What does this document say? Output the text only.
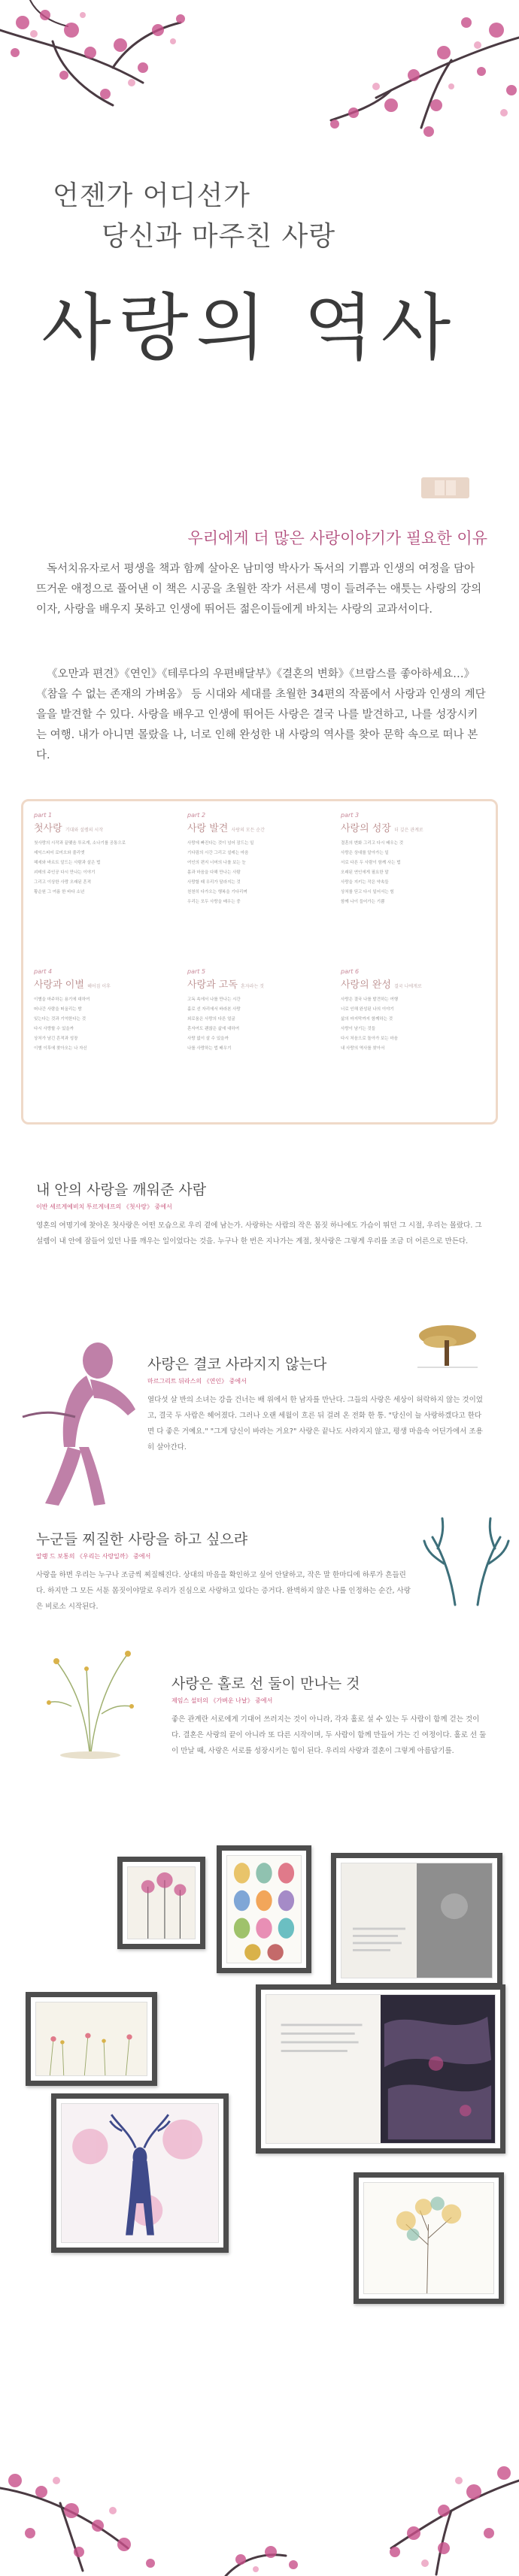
언젠가 어디선가
당신과 마주친 사랑
사랑의 역사
우리에게 더 많은 사랑이야기가 필요한 이유

독서치유자로서 평생을 책과 함께 살아온 남미영 박사가 독서의 기쁨과 인생의 여정을 담아 뜨거운 애정으로 풀어낸 이 책은 시공을 초월한 작가 서른세 명이 들려주는 애틋는 사랑의 강의이자, 사랑을 배우지 못하고 인생에 뛰어든 젊은이들에게 바치는 사랑의 교과서이다.

《오만과 편견》《연인》《테루다의 우편배달부》《결혼의 변화》《브람스를 좋아하세요…》《참을 수 없는 존재의 가벼움》 등 시대와 세대를 초월한 34편의 작품에서 사랑과 인생의 계단을을 발견할 수 있다. 사랑을 배우고 인생에 뛰어든 사랑은 결국 나를 발견하고, 나를 성장시키는 여행. 내가 아니면 몰랐을 나, 너로 인해 완성한 내 사랑의 역사를 찾아 문학 속으로 떠나 본다.

part 1
첫사랑 기대와 설렘의 시작
첫사랑의 시작과 끝맺음 투르게, 소나기를 공통으로
셰익스피어 로미오와 줄리엣
헤세와 바르트 알드는 사람과 살은 법
괴테의 주인공 다시 만나는 이야기
그리고 이상한 사랑 오래된 흔적
황순원 그 여름 한 바다 소년
part 2
사랑 발견 사랑의 모든 순간
사랑에 빠진다는 것이 넘어 잠드는 일
기다림의 시간 그리고 설레는 마음
여인의 편지 너머의 나를 보는 눈
몸과 마음을 다해 만나는 사람
사랑할 때 우리가 달라지는 것
천천히 다가오는 행복을 기다리며
우리는 모두 사랑을 배우는 중
part 3
사랑의 성장 더 깊은 관계로
결혼의 변화 그리고 다시 배우는 것
사랑은 상대를 알아가는 일
서로 다른 두 사람이 함께 사는 법
오래된 연인에게 필요한 말
사랑을 지키는 작은 약속들
상처를 딛고 다시 일어서는 힘
함께 나이 들어가는 기쁨
part 4
사랑과 이별 헤어짐 이후
이별을 마주하는 용기에 대하여
떠나간 사람을 떠올리는 밤
잊는다는 것과 기억한다는 것
다시 사랑할 수 있을까
상처가 남긴 흔적과 성장
이별 이후에 찾아오는 나 자신
part 5
사랑과 고독 혼자라는 것
고독 속에서 나를 만나는 시간
홀로 선 자리에서 바라본 사랑
외로움은 사랑의 다른 얼굴
혼자여도 괜찮은 삶에 대하여
사랑 없이 살 수 있을까
나를 사랑하는 법 배우기
part 6
사랑의 완성 결국 나에게로
사랑은 결국 나를 발견하는 여행
너로 인해 완성된 나의 이야기
삶의 마지막까지 함께하는 것
사랑이 남기는 것들
다시 처음으로 돌아가 보는 마음
내 사랑의 역사를 찾아서
내 안의 사랑을 깨워준 사람
이반 세르게예비치 투르게네프의 《첫사랑》 중에서

영혼의 여명기에 찾아온 첫사랑은 어떤 모습으로 우리 곁에 남는가. 사랑하는 사람의 작은 몸짓 하나에도 가슴이 뛰던 그 시절, 우리는 몰랐다. 그 설렘이 내 안에 잠들어 있던 나를 깨우는 일이었다는 것을. 누구나 한 번은 지나가는 계절, 첫사랑은 그렇게 우리를 조금 더 어른으로 만든다.

사랑은 결코 사라지지 않는다
마르그리트 뒤라스의 《연인》 중에서

열다섯 살 반의 소녀는 강을 건너는 배 위에서 한 남자를 만난다. 그들의 사랑은 세상이 허락하지 않는 것이었고, 결국 두 사람은 헤어졌다. 그러나 오랜 세월이 흐른 뒤 걸려 온 전화 한 통. "당신이 늘 사랑하겠다고 한다면 다 좋은 거예요." "그게 당신이 바라는 거요?" 사랑은 끝나도 사라지지 않고, 평생 마음속 어딘가에서 조용히 살아간다.

누군들 찌질한 사랑을 하고 싶으랴
알랭 드 보통의 《우리는 사랑일까》 중에서

사랑을 하면 우리는 누구나 조금씩 찌질해진다. 상대의 마음을 확인하고 싶어 안달하고, 작은 말 한마디에 하루가 흔들린다. 하지만 그 모든 서툰 몸짓이야말로 우리가 진심으로 사랑하고 있다는 증거다. 완벽하지 않은 나를 인정하는 순간, 사랑은 비로소 시작된다.

사랑은 홀로 선 둘이 만나는 것
제임스 설터의 《가벼운 나날》 중에서

좋은 관계란 서로에게 기대어 쓰러지는 것이 아니라, 각자 홀로 설 수 있는 두 사람이 함께 걷는 것이다. 결혼은 사랑의 끝이 아니라 또 다른 시작이며, 두 사람이 함께 만들어 가는 긴 여정이다. 홀로 선 둘이 만날 때, 사랑은 서로를 성장시키는 힘이 된다. 우리의 사랑과 결혼이 그렇게 아름답기를.
